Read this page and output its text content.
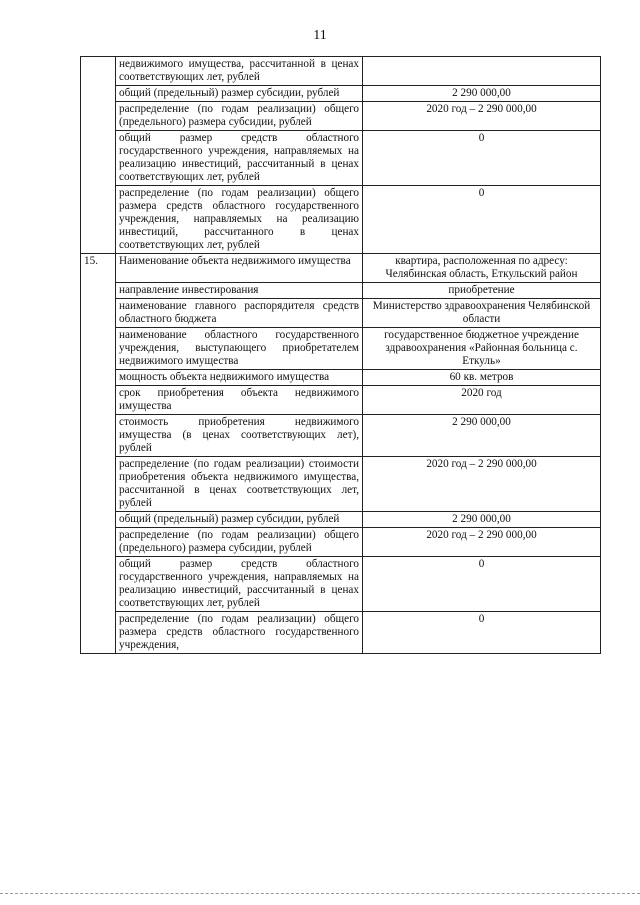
11
	недвижимого имущества, рассчитанной в ценах соответствующих лет, рублей	
	общий (предельный) размер субсидии, рублей	2 290 000,00
	распределение (по годам реализации) общего (предельного) размера субсидии, рублей	2020 год – 2 290 000,00
	общий размер средств областного государственного учреждения, направляемых на реализацию инвестиций, рассчитанный в ценах соответствующих лет, рублей	0
	распределение (по годам реализации) общего размера средств областного государственного учреждения, направляемых на реализацию инвестиций, рассчитанного в ценах соответствующих лет, рублей	0
15.	Наименование объекта недвижимого имущества	квартира, расположенная по адресу: Челябинская область, Еткульский район
	направление инвестирования	приобретение
	наименование главного распорядителя средств областного бюджета	Министерство здравоохранения Челябинской области
	наименование областного государственного учреждения, выступающего приобретателем недвижимого имущества	государственное бюджетное учреждение здравоохранения «Районная больница с. Еткуль»
	мощность объекта недвижимого имущества	60 кв. метров
	срок приобретения объекта недвижимого имущества	2020 год
	стоимость приобретения недвижимого имущества (в ценах соответствующих лет), рублей	2 290 000,00
	распределение (по годам реализации) стоимости приобретения объекта недвижимого имущества, рассчитанной в ценах соответствующих лет, рублей	2020 год – 2 290 000,00
	общий (предельный) размер субсидии, рублей	2 290 000,00
	распределение (по годам реализации) общего (предельного) размера субсидии, рублей	2020 год – 2 290 000,00
	общий размер средств областного государственного учреждения, направляемых на реализацию инвестиций, рассчитанный в ценах соответствующих лет, рублей	0
	распределение (по годам реализации) общего размера средств областного государственного учреждения,	0
